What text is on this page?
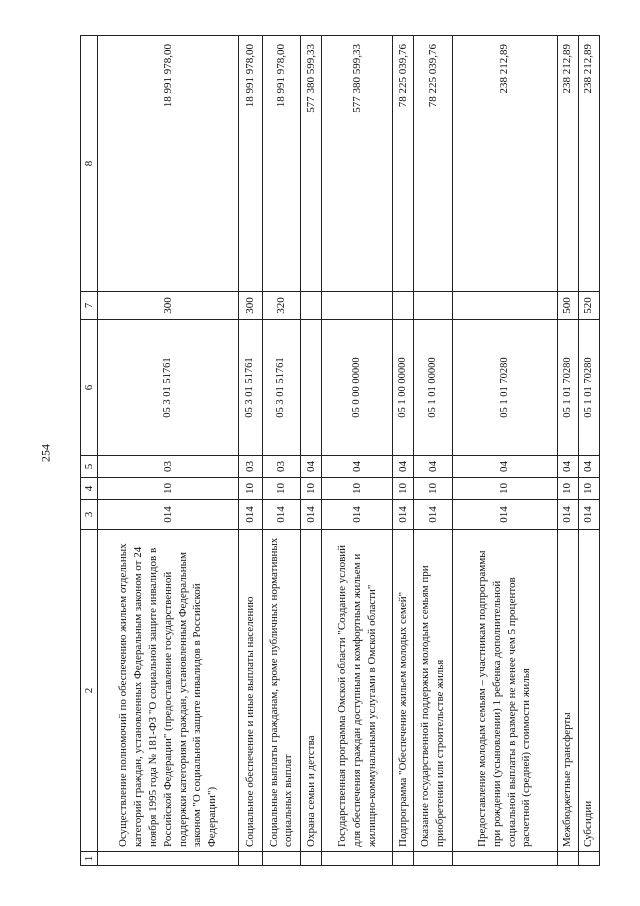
254
1	2	3	4	5	6	7	8
	Осуществление полномочий по обеспечению жильем отдельных категорий граждан, установленных Федеральным законом от 24 ноября 1995 года № 181-ФЗ "О социальной защите инвалидов в Российской Федерации" (предоставление государственной поддержки категориям граждан, установленным Федеральным законом "О социальной защите инвалидов в Российской Федерации")	014	10	03	05 3 01 51761	300	18 991 978,00
	Социальное обеспечение и иные выплаты населению	014	10	03	05 3 01 51761	300	18 991 978,00
	Социальные выплаты гражданам, кроме публичных нормативных социальных выплат	014	10	03	05 3 01 51761	320	18 991 978,00
	Охрана семьи и детства	014	10	04			577 380 599,33
	Государственная программа Омской области "Создание условий для обеспечения граждан доступным и комфортным жильем и жилищно-коммунальными услугами в Омской области"	014	10	04	05 0 00 00000		577 380 599,33
	Подпрограмма "Обеспечение жильем молодых семей"	014	10	04	05 1 00 00000		78 225 039,76
	Оказание государственной поддержки молодым семьям при приобретении или строительстве жилья	014	10	04	05 1 01 00000		78 225 039,76
	Предоставление молодым семьям – участникам подпрограммы при рождении (усыновлении) 1 ребенка дополнительной социальной выплаты в размере не менее чем 5 процентов расчетной (средней) стоимости жилья	014	10	04	05 1 01 70280		238 212,89
	Межбюджетные трансферты	014	10	04	05 1 01 70280	500	238 212,89
	Субсидии	014	10	04	05 1 01 70280	520	238 212,89
